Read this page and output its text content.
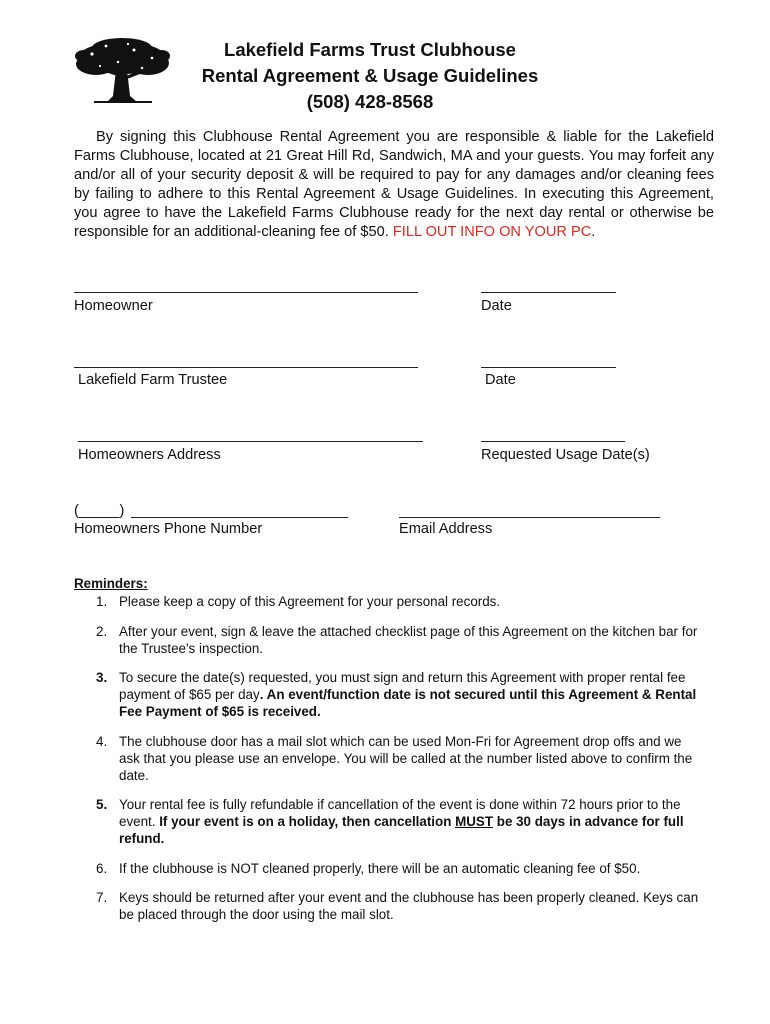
Lakefield Farms Trust Clubhouse
Rental Agreement & Usage Guidelines
(508) 428-8568
By signing this Clubhouse Rental Agreement you are responsible & liable for the Lakefield Farms Clubhouse, located at 21 Great Hill Rd, Sandwich, MA and your guests. You may forfeit any and/or all of your security deposit & will be required to pay for any damages and/or cleaning fees by failing to adhere to this Rental Agreement & Usage Guidelines. In executing this Agreement, you agree to have the Lakefield Farms Clubhouse ready for the next day rental or otherwise be responsible for an additional-cleaning fee of $50. FILL OUT INFO ON YOUR PC.
Homeowner	Date
Lakefield Farm Trustee	Date
Homeowners Address	Requested Usage Date(s)
(_____)
Homeowners Phone Number	Email Address
Reminders:
1. Please keep a copy of this Agreement for your personal records.
2. After your event, sign & leave the attached checklist page of this Agreement on the kitchen bar for the Trustee's inspection.
3. To secure the date(s) requested, you must sign and return this Agreement with proper rental fee payment of $65 per day. An event/function date is not secured until this Agreement & Rental Fee Payment of $65 is received.
4. The clubhouse door has a mail slot which can be used Mon-Fri for Agreement drop offs and we ask that you please use an envelope. You will be called at the number listed above to confirm the date.
5. Your rental fee is fully refundable if cancellation of the event is done within 72 hours prior to the event. If your event is on a holiday, then cancellation MUST be 30 days in advance for full refund.
6. If the clubhouse is NOT cleaned properly, there will be an automatic cleaning fee of $50.
7. Keys should be returned after your event and the clubhouse has been properly cleaned. Keys can be placed through the door using the mail slot.
